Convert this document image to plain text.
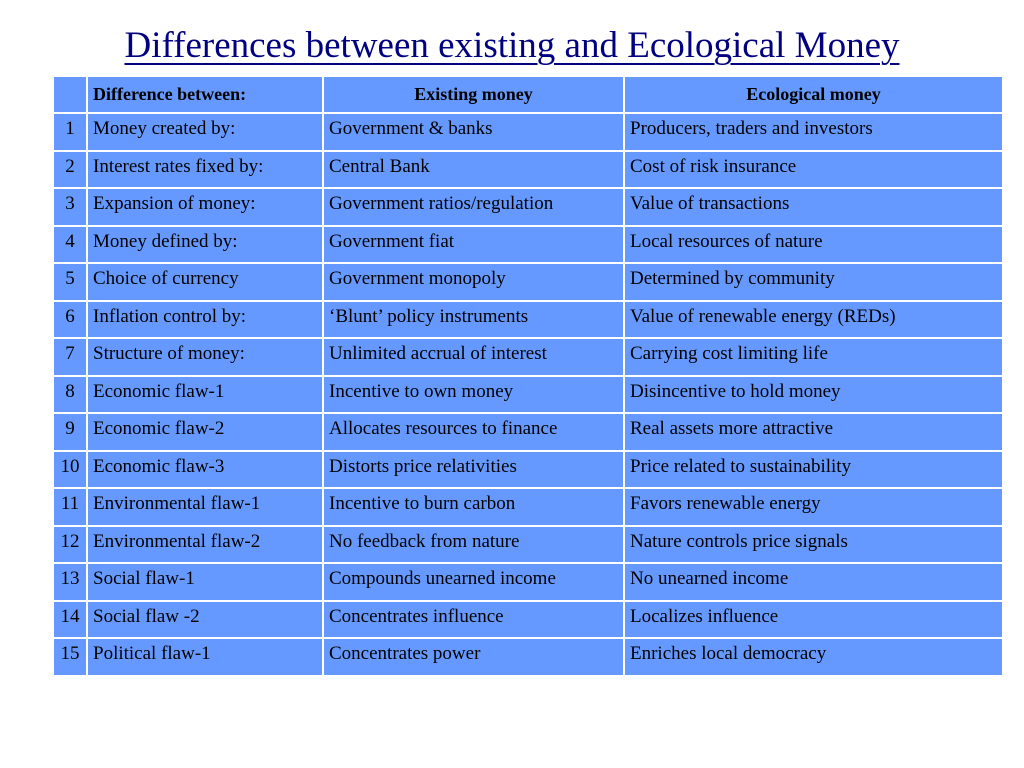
Differences between existing and Ecological Money
	Difference between:	Existing money	Ecological money
1	Money created by:	Government & banks	Producers, traders and investors
2	Interest rates fixed by:	Central Bank	Cost of risk insurance
3	Expansion of money:	Government ratios/regulation	Value of transactions
4	Money defined by:	Government fiat	Local resources of nature
5	Choice of currency	Government monopoly	Determined by community
6	Inflation control by:	‘Blunt’ policy instruments	Value of renewable energy (REDs)
7	Structure of money:	Unlimited accrual of interest	Carrying cost limiting life
8	Economic flaw-1	Incentive to own money	Disincentive to hold money
9	Economic flaw-2	Allocates resources to finance	Real assets more attractive
10	Economic flaw-3	Distorts price relativities	Price related to sustainability
11	Environmental flaw-1	Incentive to burn carbon	Favors renewable energy
12	Environmental flaw-2	No feedback from nature	Nature controls price signals
13	Social flaw-1	Compounds unearned income	No unearned income
14	Social flaw -2	Concentrates influence	Localizes influence
15	Political flaw-1	Concentrates power	Enriches local democracy
